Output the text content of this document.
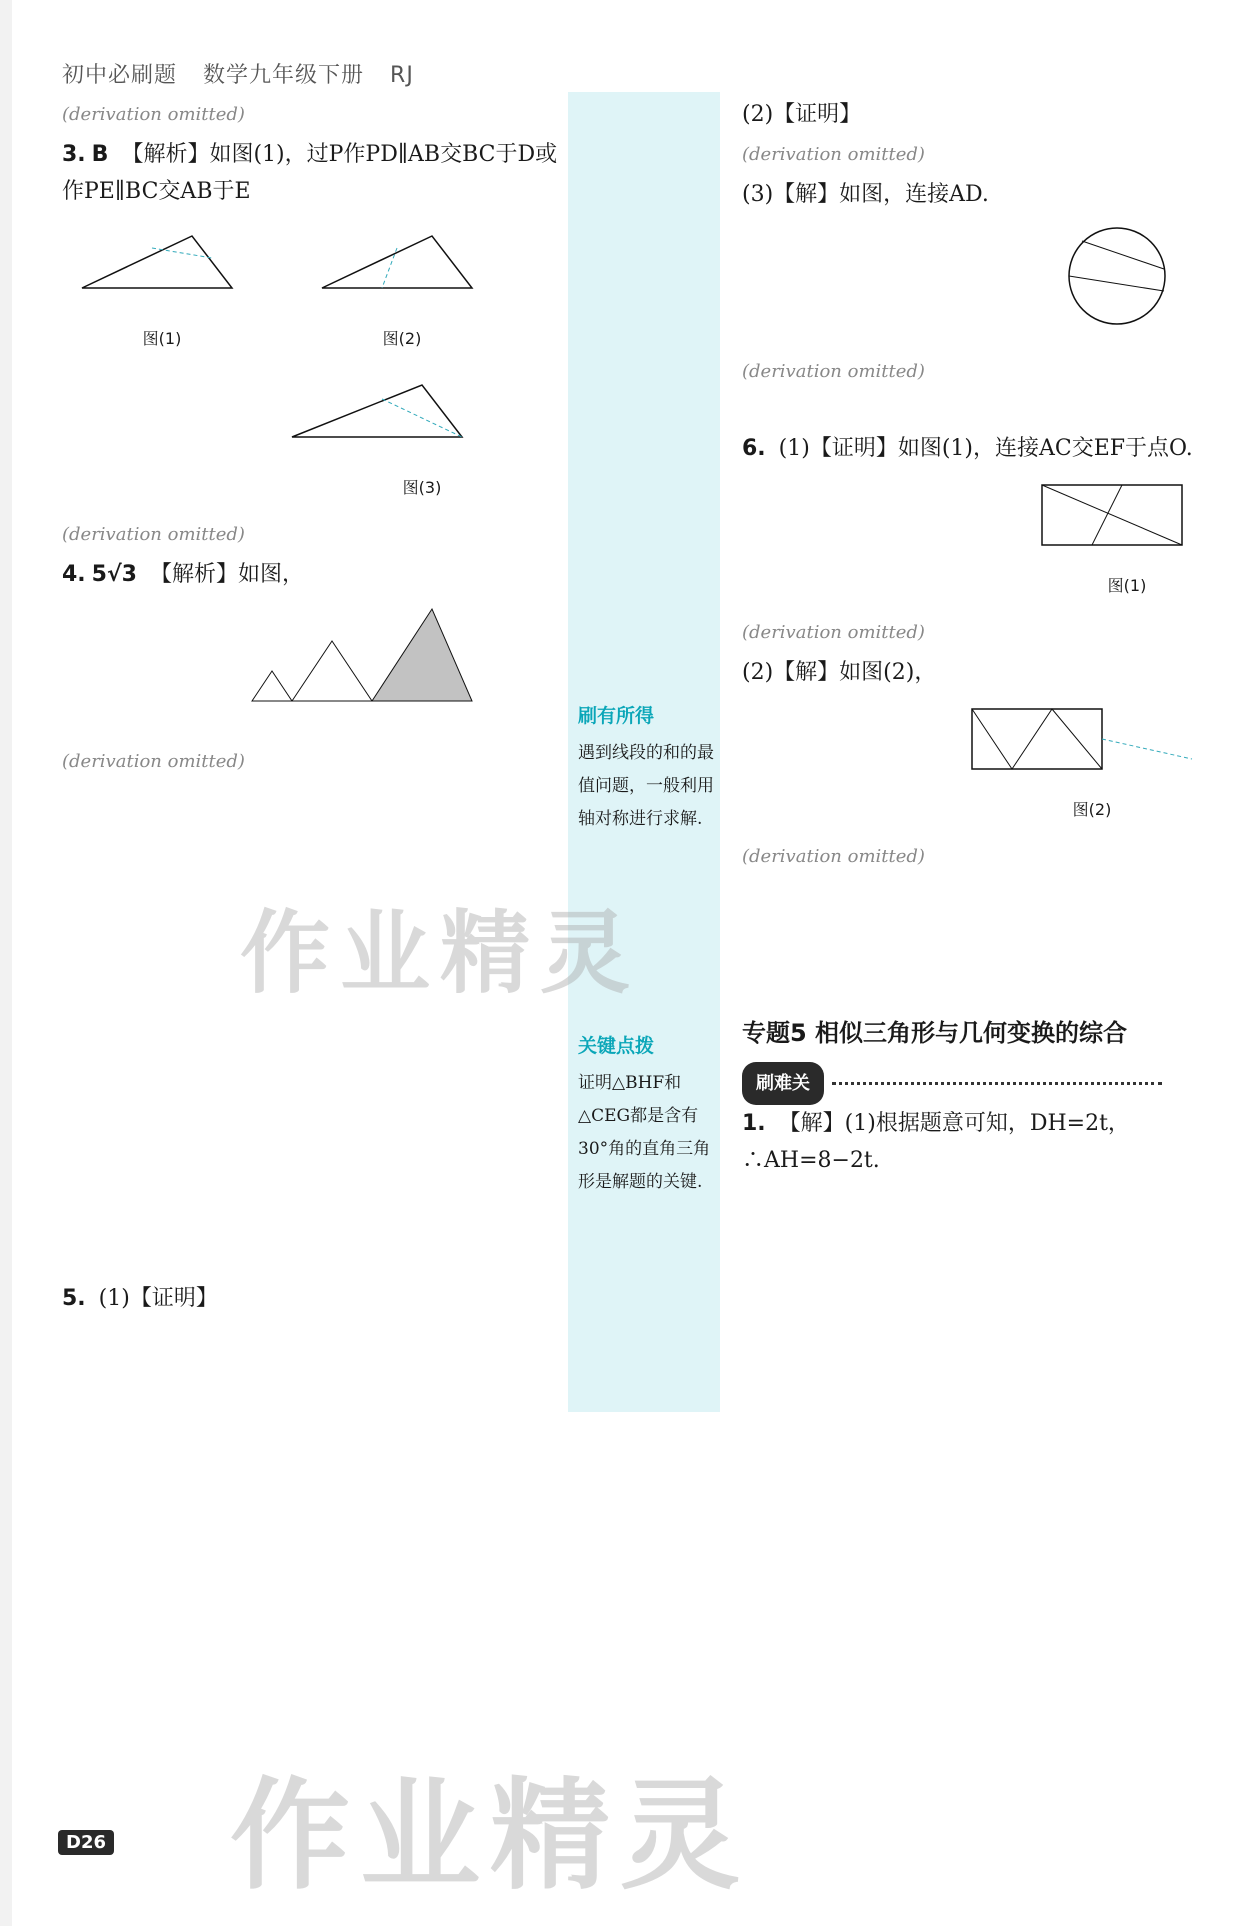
初中必刷题 数学九年级下册 RJ

(derivation omitted)

3. B 【解析】如图(1)，过P作PD∥AB交BC于D或作PE∥BC交AB于E

图(1)	图(2)
图(3)

(derivation omitted)

4. 5√3 【解析】如图，

(derivation omitted)

5. (1)【证明】

刷有所得
遇到线段的和的最值问题，一般利用轴对称进行求解.
关键点拨
证明△BHF和△CEG都是含有30°角的直角三角形是解题的关键.

(2)【证明】

(derivation omitted)

(3)【解】如图，连接AD.

(derivation omitted)

6. (1)【证明】如图(1)，连接AC交EF于点O.

图(1)

(derivation omitted)

(2)【解】如图(2)，

图(2)

(derivation omitted)

专题5 相似三角形与几何变换的综合
刷难关

1. 【解】(1)根据题意可知，DH=2t，∴AH=8−2t.

D26
作业精灵
作业精灵
